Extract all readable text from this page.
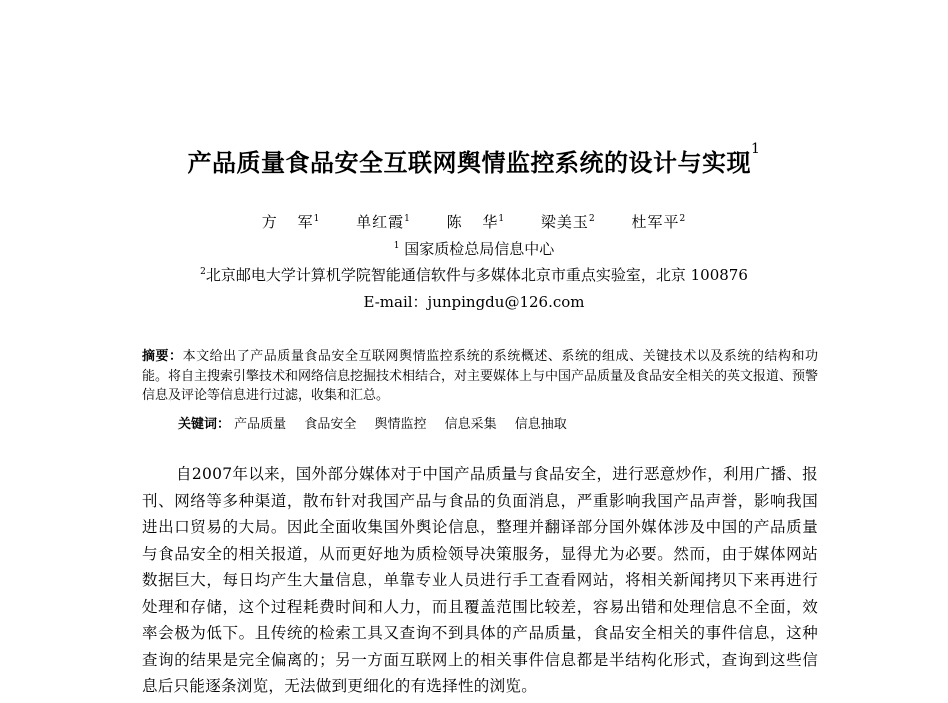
产品质量食品安全互联网舆情监控系统的设计与实现$^1$
方 军$^1$ 单红霞$^1$ 陈 华$^1$ 梁美玉$^2$ 杜军平$^2$
$^1$ 国家质检总局信息中心
$^2$北京邮电大学计算机学院智能通信软件与多媒体北京市重点实验室，北京 100876
E-mail：junpingdu@126.com
摘要：本文给出了产品质量食品安全互联网舆情监控系统的系统概述、系统的组成、关键技术以及系统的结构和功能。将自主搜索引擎技术和网络信息挖掘技术相结合，对主要媒体上与中国产品质量及食品安全相关的英文报道、预警信息及评论等信息进行过滤，收集和汇总。
关键词： 产品质量 食品安全 舆情监控 信息采集 信息抽取
自2007年以来，国外部分媒体对于中国产品质量与食品安全，进行恶意炒作，利用广播、报刊、网络等多种渠道，散布针对我国产品与食品的负面消息，严重影响我国产品声誉，影响我国进出口贸易的大局。因此全面收集国外舆论信息，整理并翻译部分国外媒体涉及中国的产品质量与食品安全的相关报道，从而更好地为质检领导决策服务，显得尤为必要。然而，由于媒体网站数据巨大，每日均产生大量信息，单靠专业人员进行手工查看网站，将相关新闻拷贝下来再进行处理和存储，这个过程耗费时间和人力，而且覆盖范围比较差，容易出错和处理信息不全面，效率会极为低下。且传统的检索工具又查询不到具体的产品质量，食品安全相关的事件信息，这种查询的结果是完全偏离的；另一方面互联网上的相关事件信息都是半结构化形式，查询到这些信息后只能逐条浏览，无法做到更细化的有选择性的浏览。
